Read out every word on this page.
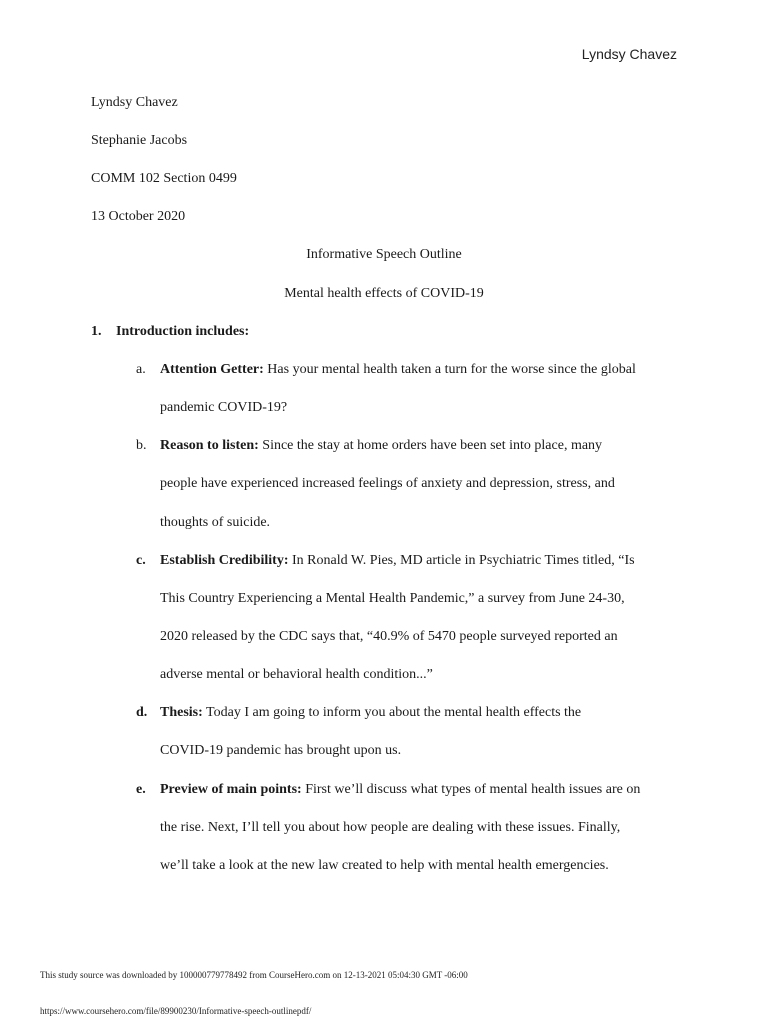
Lyndsy Chavez
Lyndsy Chavez
Stephanie Jacobs
COMM 102 Section 0499
13 October 2020
Informative Speech Outline
Mental health effects of COVID-19
1. Introduction includes:
a.	Attention Getter: Has your mental health taken a turn for the worse since the global
pandemic COVID-19?
b. Reason to listen: Since the stay at home orders have been set into place, many
people have experienced increased feelings of anxiety and depression, stress, and
thoughts of suicide.
c.	Establish Credibility: In Ronald W. Pies, MD article in Psychiatric Times titled, “Is
This Country Experiencing a Mental Health Pandemic,” a survey from June 24-30,
2020 released by the CDC says that, “40.9% of 5470 people surveyed reported an
adverse mental or behavioral health condition...”
d. Thesis: Today I am going to inform you about the mental health effects the
COVID-19 pandemic has brought upon us.
e.	Preview of main points: First we’ll discuss what types of mental health issues are on
the rise. Next, I’ll tell you about how people are dealing with these issues. Finally,
we’ll take a look at the new law created to help with mental health emergencies.
This study source was downloaded by 100000779778492 from CourseHero.com on 12-13-2021 05:04:30 GMT -06:00
https://www.coursehero.com/file/89900230/Informative-speech-outlinepdf/
